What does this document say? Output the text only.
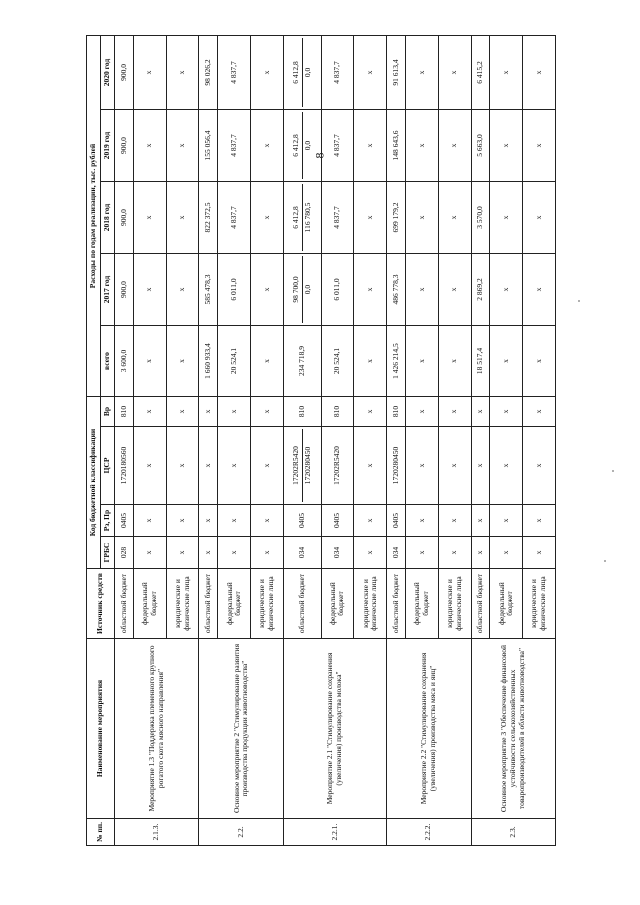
8
№ пп.	Наименование мероприятия	Источник средств	Код бюджетной классификации				Расходы по годам реализации, тыс. рублей				
			ГРБС	Рз, Пр	ЦСР	Вр	всего	2017 год	2018 год	2019 год	2020 год
2.1.3.	Мероприятие 1.3 "Поддержка племенного крупного рогатого скота мясного направления"	областной бюджет	028	0405	1720180560	810	3 600,0	900,0	900,0	900,0	900,0

		федеральный бюджет	x	x	x	x	x	x	x	x	x

		юридические и физические лица	x	x	x	x	x	x	x	x	x

2.2.	Основное мероприятие 2 "Стимулирование развития производства продукции животноводства"	областной бюджет	x	x	x	x	1 660 933,4	585 478,3	822 372,5	155 056,4	98 026,2

		федеральный бюджет	x	x	x	x	20 524,1	6 011,0	4 837,7	4 837,7	4 837,7

		юридические и физические лица	x	x	x	x	x	x	x	x	x

2.2.1.	Мероприятие 2.1 "Стимулирование сохранения (увеличения) производства молока"	областной бюджет	034	0405	17202R5420 1720280450	810	234 718,9	98 700,0 0,0	6 412,8 116 780,5	6 412,8 0,0	6 412,8 0,0

		федеральный бюджет	034	0405	17202R5420	810	20 524,1	6 011,0	4 837,7	4 837,7	4 837,7

		юридические и физические лица	x	x	x	x	x	x	x	x	x

2.2.2.	Мероприятие 2.2 "Стимулирование сохранения (увеличения) производства мяса и яиц"	областной бюджет	034	0405	1720280450	810	1 426 214,5	486 778,3	699 179,2	148 643,6	91 613,4

		федеральный бюджет	x	x	x	x	x	x	x	x	x

		юридические и физические лица	x	x	x	x	x	x	x	x	x

2.3.	Основное мероприятие 3 "Обеспечение финансовой устойчивости сельскохозяйственных товаропроизводителей в области животноводства"	областной бюджет	x	x	x	x	18 517,4	2 869,2	3 570,0	5 663,0	6 415,2

		федеральный бюджет	x	x	x	x	x	x	x	x	x

		юридические и физические лица	x	x	x	x	x	x	x	x	x
